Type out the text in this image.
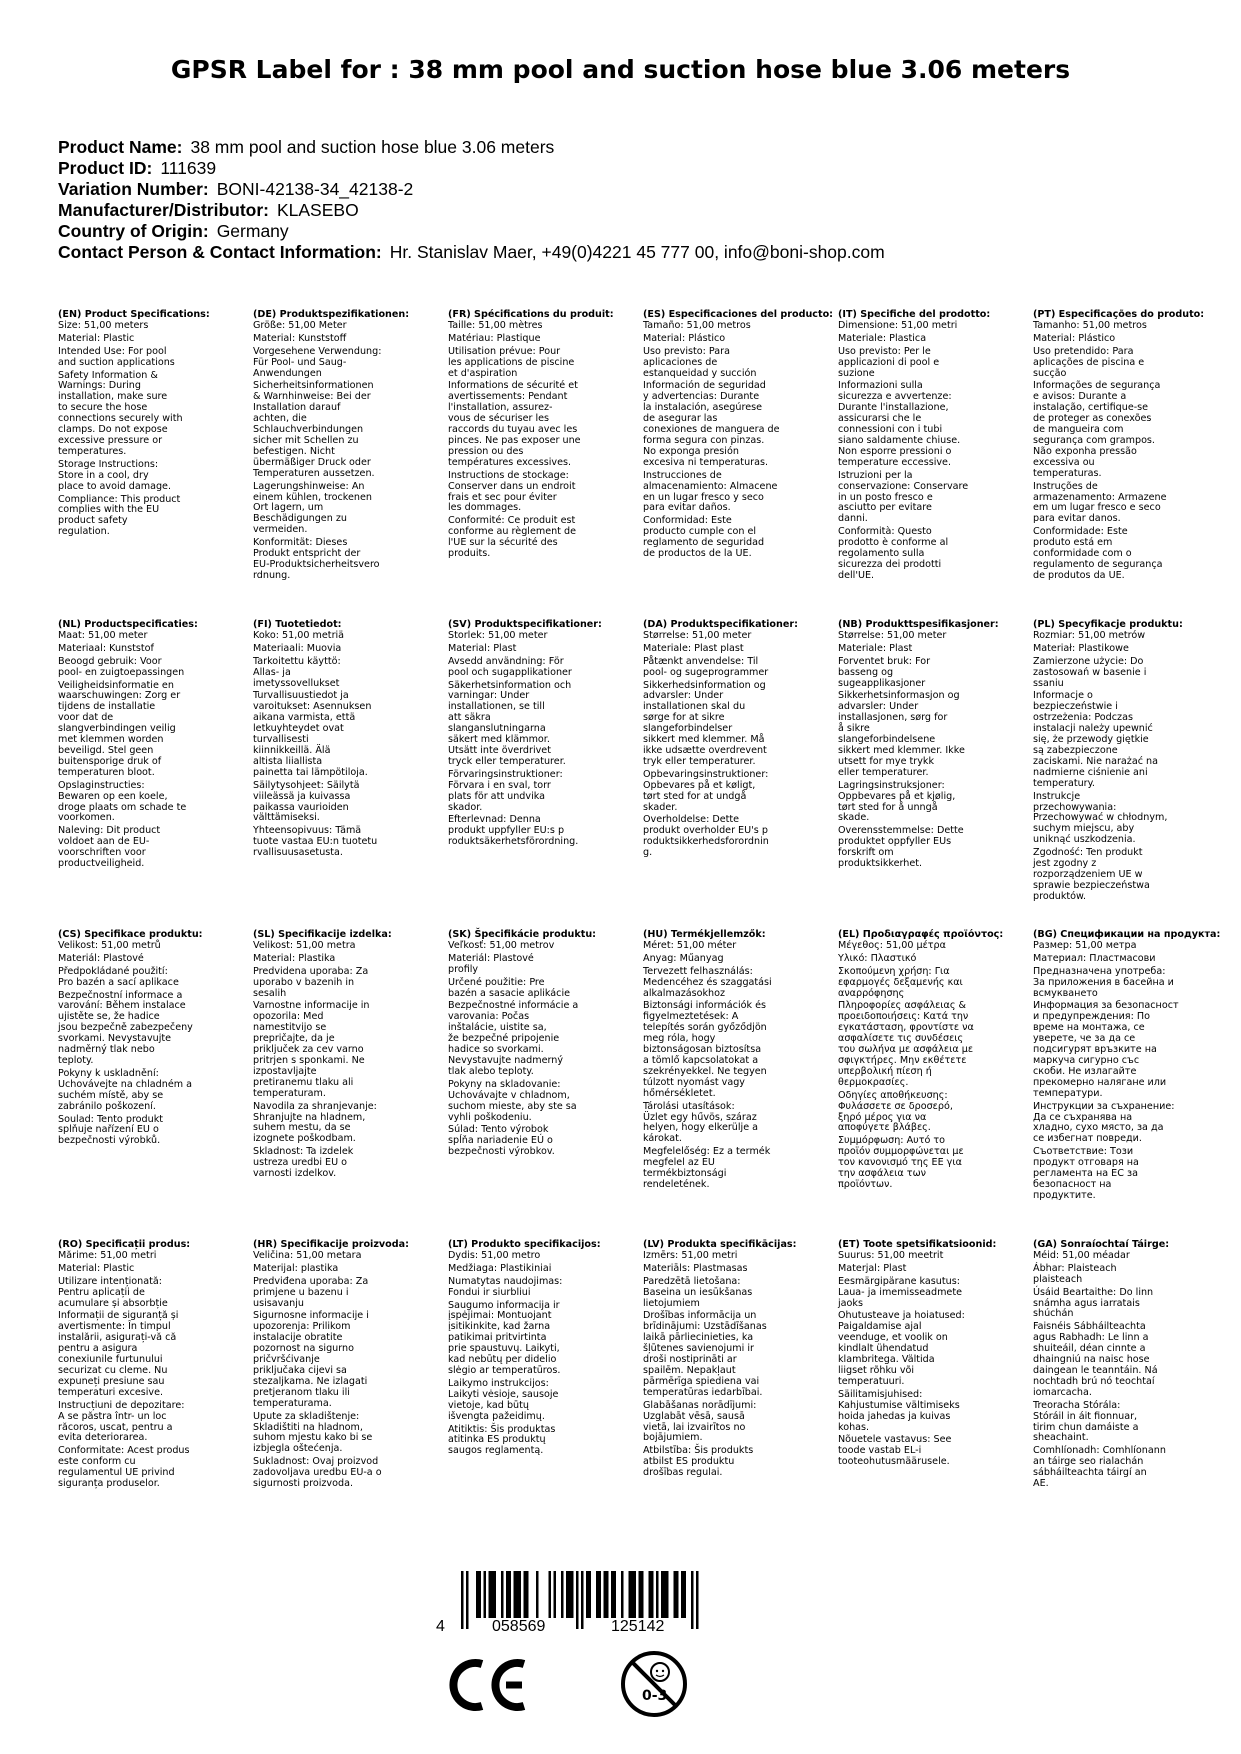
GPSR Label for : 38 mm pool and suction hose blue 3.06 meters
Product Name: 38 mm pool and suction hose blue 3.06 meters
Product ID: 111639
Variation Number: BONI-42138-34_42138-2
Manufacturer/Distributor: KLASEBO
Country of Origin: Germany
Contact Person & Contact Information: Hr. Stanislav Maer, +49(0)4221 45 777 00, info@boni-shop.com
(EN) Product Specifications:
Size: 51,00 meters
Material: Plastic
Intended Use: For pool
and suction applications
Safety Information &
Warnings: During
installation, make sure
to secure the hose
connections securely with
clamps. Do not expose
excessive pressure or
temperatures.
Storage Instructions:
Store in a cool, dry
place to avoid damage.
Compliance: This product
complies with the EU
product safety
regulation.
(DE) Produktspezifikationen:
Größe: 51,00 Meter
Material: Kunststoff
Vorgesehene Verwendung:
Für Pool- und Saug-
Anwendungen
Sicherheitsinformationen
& Warnhinweise: Bei der
Installation darauf
achten, die
Schlauchverbindungen
sicher mit Schellen zu
befestigen. Nicht
übermäßiger Druck oder
Temperaturen aussetzen.
Lagerungshinweise: An
einem kühlen, trockenen
Ort lagern, um
Beschädigungen zu
vermeiden.
Konformität: Dieses
Produkt entspricht der
EU-Produktsicherheitsvero
rdnung.
(FR) Spécifications du produit:
Taille: 51,00 mètres
Matériau: Plastique
Utilisation prévue: Pour
les applications de piscine
et d'aspiration
Informations de sécurité et
avertissements: Pendant
l'installation, assurez-
vous de sécuriser les
raccords du tuyau avec les
pinces. Ne pas exposer une
pression ou des
températures excessives.
Instructions de stockage:
Conserver dans un endroit
frais et sec pour éviter
les dommages.
Conformité: Ce produit est
conforme au règlement de
l'UE sur la sécurité des
produits.
(ES) Especificaciones del producto:
Tamaño: 51,00 metros
Material: Plástico
Uso previsto: Para
aplicaciones de
estanqueidad y succión
Información de seguridad
y advertencias: Durante
la instalación, asegúrese
de asegurar las
conexiones de manguera de
forma segura con pinzas.
No exponga presión
excesiva ni temperaturas.
Instrucciones de
almacenamiento: Almacene
en un lugar fresco y seco
para evitar daños.
Conformidad: Este
producto cumple con el
reglamento de seguridad
de productos de la UE.
(IT) Specifiche del prodotto:
Dimensione: 51,00 metri
Materiale: Plastica
Uso previsto: Per le
applicazioni di pool e
suzione
Informazioni sulla
sicurezza e avvertenze:
Durante l'installazione,
assicurarsi che le
connessioni con i tubi
siano saldamente chiuse.
Non esporre pressioni o
temperature eccessive.
Istruzioni per la
conservazione: Conservare
in un posto fresco e
asciutto per evitare
danni.
Conformità: Questo
prodotto è conforme al
regolamento sulla
sicurezza dei prodotti
dell'UE.
(PT) Especificações do produto:
Tamanho: 51,00 metros
Material: Plástico
Uso pretendido: Para
aplicações de piscina e
sucção
Informações de segurança
e avisos: Durante a
instalação, certifique-se
de proteger as conexões
de mangueira com
segurança com grampos.
Não exponha pressão
excessiva ou
temperaturas.
Instruções de
armazenamento: Armazene
em um lugar fresco e seco
para evitar danos.
Conformidade: Este
produto está em
conformidade com o
regulamento de segurança
de produtos da UE.
(NL) Productspecificaties:
Maat: 51,00 meter
Materiaal: Kunststof
Beoogd gebruik: Voor
pool- en zuigtoepassingen
Veiligheidsinformatie en
waarschuwingen: Zorg er
tijdens de installatie
voor dat de
slangverbindingen veilig
met klemmen worden
beveiligd. Stel geen
buitensporige druk of
temperaturen bloot.
Opslaginstructies:
Bewaren op een koele,
droge plaats om schade te
voorkomen.
Naleving: Dit product
voldoet aan de EU-
voorschriften voor
productveiligheid.
(FI) Tuotetiedot:
Koko: 51,00 metriä
Materiaali: Muovia
Tarkoitettu käyttö:
Allas- ja
imetyssovellukset
Turvallisuustiedot ja
varoitukset: Asennuksen
aikana varmista, että
letkuyhteydet ovat
turvallisesti
kiinnikkeillä. Älä
altista liiallista
painetta tai lämpötiloja.
Säilytysohjeet: Säilytä
viileässä ja kuivassa
paikassa vaurioiden
välttämiseksi.
Yhteensopivuus: Tämä
tuote vastaa EU:n tuotetu
rvallisuusasetusta.
(SV) Produktspecifikationer:
Storlek: 51,00 meter
Material: Plast
Avsedd användning: För
pool och sugapplikationer
Säkerhetsinformation och
varningar: Under
installationen, se till
att säkra
slanganslutningarna
säkert med klämmor.
Utsätt inte överdrivet
tryck eller temperaturer.
Förvaringsinstruktioner:
Förvara i en sval, torr
plats för att undvika
skador.
Efterlevnad: Denna
produkt uppfyller EU:s p
roduktsäkerhetsförordning.
(DA) Produktspecifikationer:
Størrelse: 51,00 meter
Materiale: Plast plast
Påtænkt anvendelse: Til
pool- og sugeprogrammer
Sikkerhedsinformation og
advarsler: Under
installationen skal du
sørge for at sikre
slangeforbindelser
sikkert med klemmer. Må
ikke udsætte overdrevent
tryk eller temperaturer.
Opbevaringsinstruktioner:
Opbevares på et køligt,
tørt sted for at undgå
skader.
Overholdelse: Dette
produkt overholder EU's p
roduktsikkerhedsforordnin
g.
(NB) Produkttspesifikasjoner:
Størrelse: 51,00 meter
Materiale: Plast
Forventet bruk: For
basseng og
sugeapplikasjoner
Sikkerhetsinformasjon og
advarsler: Under
installasjonen, sørg for
å sikre
slangeforbindelsene
sikkert med klemmer. Ikke
utsett for mye trykk
eller temperaturer.
Lagringsinstruksjoner:
Oppbevares på et kjølig,
tørt sted for å unngå
skade.
Overensstemmelse: Dette
produktet oppfyller EUs
forskrift om
produktsikkerhet.
(PL) Specyfikacje produktu:
Rozmiar: 51,00 metrów
Materiał: Plastikowe
Zamierzone użycie: Do
zastosowań w basenie i
ssaniu
Informacje o
bezpieczeństwie i
ostrzeżenia: Podczas
instalacji należy upewnić
się, że przewody giętkie
są zabezpieczone
zaciskami. Nie narażać na
nadmierne ciśnienie ani
temperatury.
Instrukcje
przechowywania:
Przechowywać w chłodnym,
suchym miejscu, aby
uniknąć uszkodzenia.
Zgodność: Ten produkt
jest zgodny z
rozporządzeniem UE w
sprawie bezpieczeństwa
produktów.
(CS) Specifikace produktu:
Velikost: 51,00 metrů
Materiál: Plastové
Předpokládané použití:
Pro bazén a sací aplikace
Bezpečnostní informace a
varování: Během instalace
ujistěte se, že hadice
jsou bezpečně zabezpečeny
svorkami. Nevystavujte
nadměrný tlak nebo
teploty.
Pokyny k uskladnění:
Uchovávejte na chladném a
suchém místě, aby se
zabránilo poškození.
Soulad: Tento produkt
splňuje nařízení EU o
bezpečnosti výrobků.
(SL) Specifikacije izdelka:
Velikost: 51,00 metra
Material: Plastika
Predvidena uporaba: Za
uporabo v bazenih in
sesalih
Varnostne informacije in
opozorila: Med
namestitvijo se
prepričajte, da je
priključek za cev varno
pritrjen s sponkami. Ne
izpostavljajte
pretiranemu tlaku ali
temperaturam.
Navodila za shranjevanje:
Shranjujte na hladnem,
suhem mestu, da se
izognete poškodbam.
Skladnost: Ta izdelek
ustreza uredbi EU o
varnosti izdelkov.
(SK) Špecifikácie produktu:
Veľkosť: 51,00 metrov
Materiál: Plastové
profily
Určené použitie: Pre
bazén a sasacie aplikácie
Bezpečnostné informácie a
varovania: Počas
inštalácie, uistite sa,
že bezpečné pripojenie
hadice so svorkami.
Nevystavujte nadmerný
tlak alebo teploty.
Pokyny na skladovanie:
Uchovávajte v chladnom,
suchom mieste, aby ste sa
vyhli poškodeniu.
Súlad: Tento výrobok
spĺňa nariadenie EÚ o
bezpečnosti výrobkov.
(HU) Termékjellemzők:
Méret: 51,00 méter
Anyag: Műanyag
Tervezett felhasználás:
Medencéhez és szaggatási
alkalmazásokhoz
Biztonsági információk és
figyelmeztetések: A
telepítés során győződjön
meg róla, hogy
biztonságosan biztosítsa
a tömlő kapcsolatokat a
szekrényekkel. Ne tegyen
túlzott nyomást vagy
hőmérsékletet.
Tárolási utasítások:
Üzlet egy hűvös, száraz
helyen, hogy elkerülje a
károkat.
Megfelelőség: Ez a termék
megfelel az EU
termékbiztonsági
rendeletének.
(EL) Προδιαγραφές προϊόντος:
Μέγεθος: 51,00 μέτρα
Υλικό: Πλαστικό
Σκοπούμενη χρήση: Για
εφαρμογές δεξαμενής και
αναρρόφησης
Πληροφορίες ασφάλειας &
προειδοποιήσεις: Κατά την
εγκατάσταση, φροντίστε να
ασφαλίσετε τις συνδέσεις
του σωλήνα με ασφάλεια με
σφιγκτήρες. Μην εκθέτετε
υπερβολική πίεση ή
θερμοκρασίες.
Οδηγίες αποθήκευσης:
Φυλάσσετε σε δροσερό,
ξηρό μέρος για να
αποφύγετε βλάβες.
Συμμόρφωση: Αυτό το
προϊόν συμμορφώνεται με
τον κανονισμό της ΕΕ για
την ασφάλεια των
προϊόντων.
(BG) Спецификации на продукта:
Размер: 51,00 метра
Материал: Пластмасови
Предназначена употреба:
За приложения в басейна и
всмукването
Информация за безопасност
и предупреждения: По
време на монтажа, се
уверете, че за да се
подсигурят връзките на
маркуча сигурно със
скоби. Не излагайте
прекомерно налягане или
температури.
Инструкции за съхранение:
Да се съхранява на
хладно, сухо място, за да
се избегнат повреди.
Съответствие: Този
продукт отговаря на
регламента на ЕС за
безопасност на
продуктите.
(RO) Specificații produs:
Mărime: 51,00 metri
Material: Plastic
Utilizare intenționată:
Pentru aplicații de
acumulare și absorbție
Informații de siguranță și
avertismente: În timpul
instalării, asigurați-vă că
pentru a asigura
conexiunile furtunului
securizat cu cleme. Nu
expuneți presiune sau
temperaturi excesive.
Instrucțiuni de depozitare:
A se păstra într- un loc
răcoros, uscat, pentru a
evita deteriorarea.
Conformitate: Acest produs
este conform cu
regulamentul UE privind
siguranța produselor.
(HR) Specifikacije proizvoda:
Veličina: 51,00 metara
Materijal: plastika
Predviđena uporaba: Za
primjene u bazenu i
usisavanju
Sigurnosne informacije i
upozorenja: Prilikom
instalacije obratite
pozornost na sigurno
pričvršćivanje
priključaka cijevi sa
stezaljkama. Ne izlagati
pretjeranom tlaku ili
temperaturama.
Upute za skladištenje:
Skladištiti na hladnom,
suhom mjestu kako bi se
izbjegla oštećenja.
Sukladnost: Ovaj proizvod
zadovoljava uredbu EU-a o
sigurnosti proizvoda.
(LT) Produkto specifikacijos:
Dydis: 51,00 metro
Medžiaga: Plastikiniai
Numatytas naudojimas:
Fondui ir siurbliui
Saugumo informacija ir
įspėjimai: Montuojant
įsitikinkite, kad žarna
patikimai pritvirtinta
prie spaustuvų. Laikyti,
kad nebūtų per didelio
slėgio ar temperatūros.
Laikymo instrukcijos:
Laikyti vėsioje, sausoje
vietoje, kad būtų
išvengta pažeidimų.
Atitiktis: Šis produktas
atitinka ES produktų
saugos reglamentą.
(LV) Produkta specifikācijas:
Izmērs: 51,00 metri
Materiāls: Plastmasas
Paredzētā lietošana:
Baseina un iesūkšanas
lietojumiem
Drošības informācija un
brīdinājumi: Uzstādīšanas
laikā pārliecinieties, ka
šļūtenes savienojumi ir
droši nostiprināti ar
spailēm. Nepakļaut
pārmērīga spiediena vai
temperatūras iedarbībai.
Glabāšanas norādījumi:
Uzglabāt vēsā, sausā
vietā, lai izvairītos no
bojājumiem.
Atbilstība: Šis produkts
atbilst ES produktu
drošības regulai.
(ET) Toote spetsifikatsioonid:
Suurus: 51,00 meetrit
Materjal: Plast
Eesmärgipärane kasutus:
Laua- ja imemisseadmete
jaoks
Ohutusteave ja hoiatused:
Paigaldamise ajal
veenduge, et voolik on
kindlalt ühendatud
klambritega. Vältida
liigset rõhku või
temperatuuri.
Säilitamisjuhised:
Kahjustumise vältimiseks
hoida jahedas ja kuivas
kohas.
Nõuetele vastavus: See
toode vastab EL-i
tooteohutusmäärusele.
(GA) Sonraíochtaí Táirge:
Méid: 51,00 méadar
Ábhar: Plaisteach
plaisteach
Úsáid Beartaithe: Do linn
snámha agus iarratais
shúchán
Faisnéis Sábháilteachta
agus Rabhadh: Le linn a
shuiteáil, déan cinnte a
dhaingniú na naisc hose
daingean le teanntáin. Ná
nochtadh brú nó teochtaí
iomarcacha.
Treoracha Stórála:
Stóráil in áit fionnuar,
tirim chun damáiste a
sheachaint.
Comhlíonadh: Comhlíonann
an táirge seo rialachán
sábháilteachta táirgí an
AE.
4	058569	125142
0-3
